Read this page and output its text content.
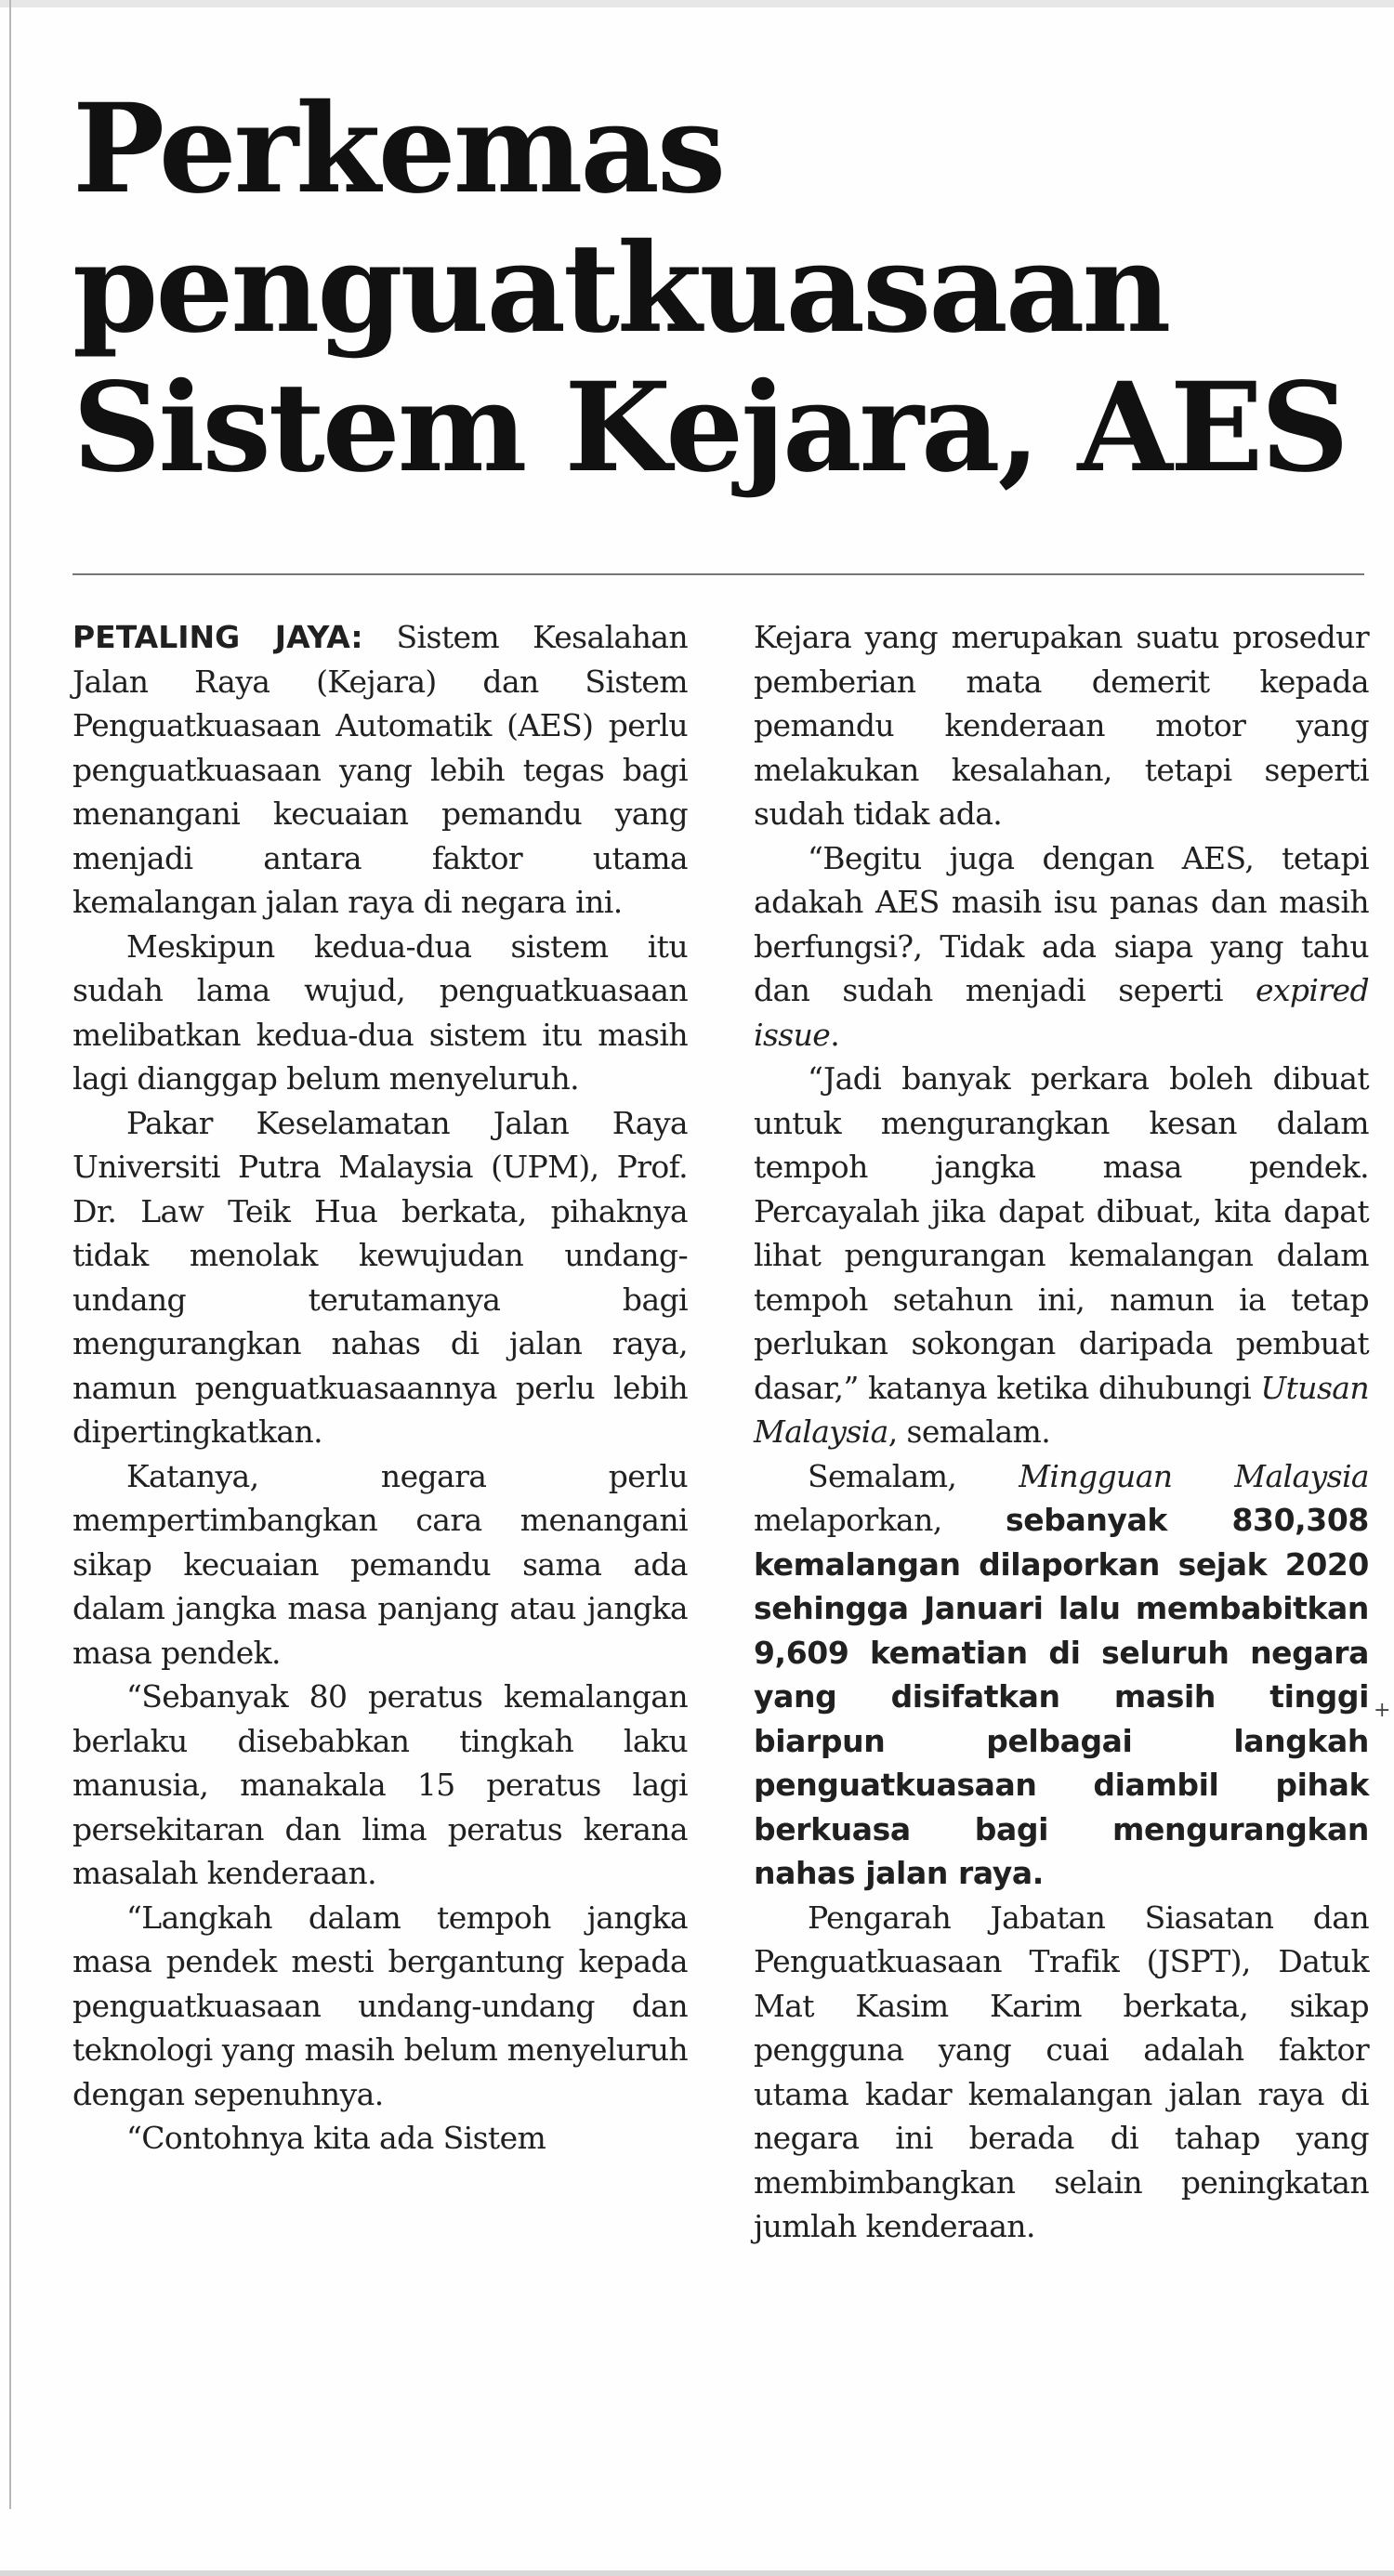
Perkemas
penguatkuasaan
Sistem Kejara, AES

PETALING JAYA: Sistem Kesalahan Jalan Raya (Kejara) dan Sistem Penguatkuasaan Automatik (AES) perlu penguatkuasaan yang lebih tegas bagi menangani kecuaian pemandu yang menjadi antara faktor utama kemalangan jalan raya di negara ini.

Meskipun kedua-dua sistem itu sudah lama wujud, penguatkuasaan melibatkan kedua-dua sistem itu masih lagi dianggap belum menyeluruh.

Pakar Keselamatan Jalan Raya Universiti Putra Malaysia (UPM), Prof. Dr. Law Teik Hua berkata, pihaknya tidak menolak kewujudan undang-undang terutamanya bagi mengurangkan nahas di jalan raya, namun penguatkuasaannya perlu lebih dipertingkatkan.

Katanya, negara perlu mempertimbangkan cara menangani sikap kecuaian pemandu sama ada dalam jangka masa panjang atau jangka masa pendek.

“Sebanyak 80 peratus kemalangan berlaku disebabkan tingkah laku manusia, manakala 15 peratus lagi persekitaran dan lima peratus kerana masalah kenderaan.

“Langkah dalam tempoh jangka masa pendek mesti bergantung kepada penguatkuasaan undang-undang dan teknologi yang masih belum menyeluruh dengan sepenuhnya.

“Contohnya kita ada Sistem

Kejara yang merupakan suatu prosedur pemberian mata demerit kepada pemandu kenderaan motor yang melakukan kesalahan, tetapi seperti sudah tidak ada.

“Begitu juga dengan AES, tetapi adakah AES masih isu panas dan masih berfungsi?, Tidak ada siapa yang tahu dan sudah menjadi seperti expired issue.

“Jadi banyak perkara boleh dibuat untuk mengurangkan kesan dalam tempoh jangka masa pendek. Percayalah jika dapat dibuat, kita dapat lihat pengurangan kemalangan dalam tempoh setahun ini, namun ia tetap perlukan sokongan daripada pembuat dasar,” katanya ketika dihubungi Utusan Malaysia, semalam.

Semalam, Mingguan Malaysia melaporkan, sebanyak 830,308 kemalangan dilaporkan sejak 2020 sehingga Januari lalu membabitkan 9,609 kematian di seluruh negara yang disifatkan masih tinggi biarpun pelbagai langkah penguatkuasaan diambil pihak berkuasa bagi mengurangkan nahas jalan raya.

Pengarah Jabatan Siasatan dan Penguatkuasaan Trafik (JSPT), Datuk Mat Kasim Karim berkata, sikap pengguna yang cuai adalah faktor utama kadar kemalangan jalan raya di negara ini berada di tahap yang membimbangkan selain peningkatan jumlah kenderaan.

+
